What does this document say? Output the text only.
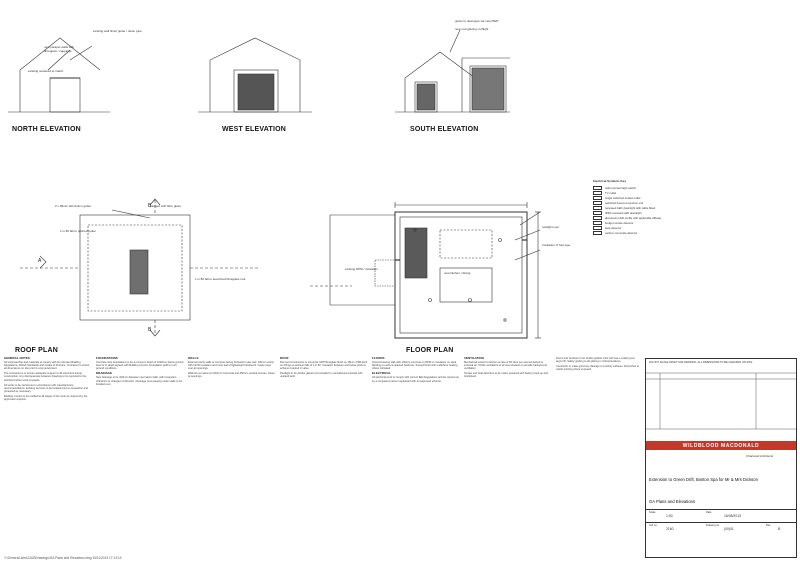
existing wall finish gutter / down pipe
new parapet walls with fibreglass / cappings
existing rendered to match
gutter to downpipe via new RWP
new roof glazing rooflight
NORTH ELEVATION	WEST ELEVATION	SOUTH ELEVATION
2 x 90mm aluminium gutter	parapet with fibre glass
1 in 80 fall to lead lined fibreglass roof
1 in 80 fall to pitched gutter
A
B
B
ROOF PLAN
existing DPM / insulation
new kitchen / dining
Insulation of foul pipe
rooflight over
FLOOR PLAN
Electrical Symbols Key
wall mounted light switch
TV outlet
single switched socket outlet
switched fused connection unit
recessed LED downlight with cable fitted
IP65 recessed LED downlight
aluminium LED profile with applicable diffuser
budget smoke detector
heat detector
carbon monoxide detector
GENERAL NOTES

All workmanship and materials to comply with the relevant Building Regulations, British Standards and Codes of Practice. Contractor to check all dimensions on site prior to commencement.

The contractor is to ensure adequate support to all structures during construction. Any discrepancies between drawings to be reported to the architect before work proceeds.

All works to be carried out in accordance with manufacturers recommendations. Existing services to be located prior to excavation and protected as necessary.

Building Control to be notified at all stages of the work as required by the approved inspector.

FOUNDATIONS

Concrete strip foundations to be a minimum depth of 1000mm below ground level or to depth agreed with Building Control. Foundation width to suit ground conditions.

DRAINAGE

New drainage to be 100mm diameter upvc laid to falls, with inspection chambers at changes of direction. Drainage runs passing under walls to be lintelled over.

WALLS

External cavity walls to comprise facing brickwork outer leaf, 100mm cavity with full fill insulation and inner leaf of lightweight blockwork. Cavity trays over all openings.

Wall ties at maximum 900mm horizontal and 450mm vertical centres, closer at openings.

ROOF

Flat roof construction to comprise GRP fibreglass finish on 18mm OSB deck on firrings to achieve falls of 1 in 80. Insulation between and below joists to achieve required U value.

Rooflight to be double glazed unit installed to manufacturers details with upstand kerb.

FLOORS

Ground bearing slab with 100mm concrete on DPM on insulation on sand blinding on well compacted hardcore. Screed finish with underfloor heating where indicated.

ELECTRICAL

All electrical work to comply with current IEE Regulations and be carried out by a competent person registered with an approved scheme.

VENTILATION

Mechanical extract to kitchen at rate of 60 litres per second ducted to external air. Trickle ventilators to all new windows to provide background ventilation.

Smoke and heat detection to be mains powered with battery back-up and interlinked.

Doors and windows to be double glazed units with low-e coating and argon fill. Safety glazing to all glazing in critical locations.

Contractor to make good any damage to existing surfaces. All finishes to match existing where exposed.

DO NOT SCALE FROM THIS DRAWING. ALL DIMENSIONS TO BE CHECKED ON SITE.
WILDBLOOD MACDONALD
Chartered Architects
Extension to Green Drift, Boston Spa for Mr & Mrs Dickson
GA Plans and Elevations
Scale
1:50
Date
16/08/2013
Job no.
2160
Drawing no.
(00)01
Rev
B
Y:\General\Jobs\2160\Drawings\GA Plans and Elevations.dwg 15/11/2013 17:13:15
